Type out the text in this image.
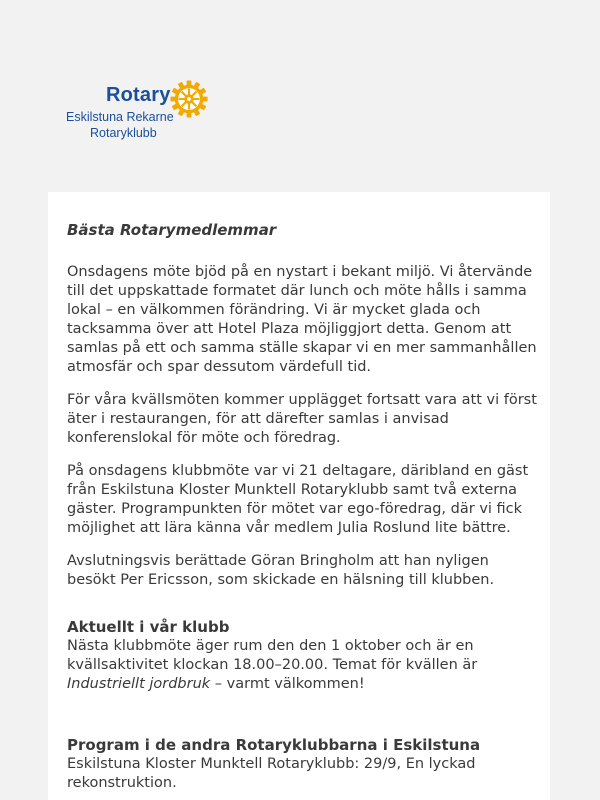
Rotary
Eskilstuna Rekarne
Rotaryklubb
Bästa Rotarymedlemmar

Onsdagens möte bjöd på en nystart i bekant miljö. Vi återvände till det uppskattade formatet där lunch och möte hålls i samma lokal – en välkommen förändring. Vi är mycket glada och tacksamma över att Hotel Plaza möjliggjort detta. Genom att samlas på ett och samma ställe skapar vi en mer sammanhållen atmosfär och spar dessutom värdefull tid.

För våra kvällsmöten kommer upplägget fortsatt vara att vi först äter i restaurangen, för att därefter samlas i anvisad konferenslokal för möte och föredrag.

På onsdagens klubbmöte var vi 21 deltagare, däribland en gäst från Eskilstuna Kloster Munktell Rotaryklubb samt två externa gäster. Programpunkten för mötet var ego-föredrag, där vi fick möjlighet att lära känna vår medlem Julia Roslund lite bättre.

Avslutningsvis berättade Göran Bringholm att han nyligen besökt Per Ericsson, som skickade en hälsning till klubben.

Aktuellt i vår klubb
Nästa klubbmöte äger rum den den 1 oktober och är en kvällsaktivitet klockan 18.00–20.00. Temat för kvällen är Industriellt jordbruk – varmt välkommen!
Program i de andra Rotaryklubbarna i Eskilstuna
Eskilstuna Kloster Munktell Rotaryklubb: 29/9, En lyckad rekonstruktion.
